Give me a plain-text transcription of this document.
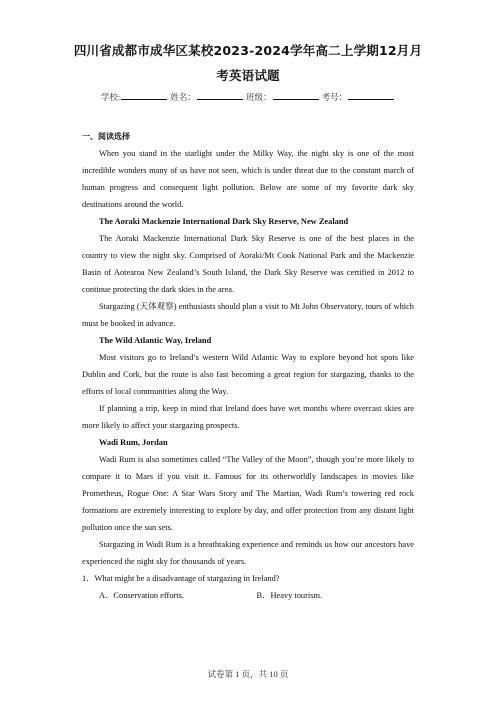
四川省成都市成华区某校2023-2024学年高二上学期12月月
考英语试题
学校:	姓名：	班级：	考号：

一、阅读选择

When you stand in the starlight under the Milky Way, the night sky is one of the most incredible wonders many of us have not seen, which is under threat due to the constant march of human progress and consequent light pollution. Below are some of my favorite dark sky destinations around the world.

The Aoraki Mackenzie International Dark Sky Reserve, New Zealand

The Aoraki Mackenzie International Dark Sky Reserve is one of the best places in the country to view the night sky. Comprised of Aoraki/Mt Cook National Park and the Mackenzie Basin of Aotearoa New Zealand’s South Island, the Dark Sky Reserve was certified in 2012 to continue protecting the dark skies in the area.

Stargazing (天体观察) enthusiasts should plan a visit to Mt John Observatory, tours of which must be booked in advance.

The Wild Atlantic Way, Ireland

Most visitors go to Ireland’s western Wild Atlantic Way to explore beyond hot spots like Dublin and Cork, but the route is also fast becoming a great region for stargazing, thanks to the efforts of local communities along the Way.

If planning a trip, keep in mind that Ireland does have wet months where overcast skies are more likely to affect your stargazing prospects.

Wadi Rum, Jordan

Wadi Rum is also sometimes called “The Valley of the Moon”, though you’re more likely to compare it to Mars if you visit it. Famous for its otherworldly landscapes in movies like Prometheus, Rogue One: A Star Wars Story and The Martian, Wadi Rum’s towering red rock formations are extremely interesting to explore by day, and offer protection from any distant light pollution once the sun sets.

Stargazing in Wadi Rum is a breathtaking experience and reminds us how our ancestors have experienced the night sky for thousands of years.

1．What might be a disadvantage of stargazing in Ireland?

A．Conservation efforts.	B．Heavy tourism.
试卷第 1 页，共 10 页
